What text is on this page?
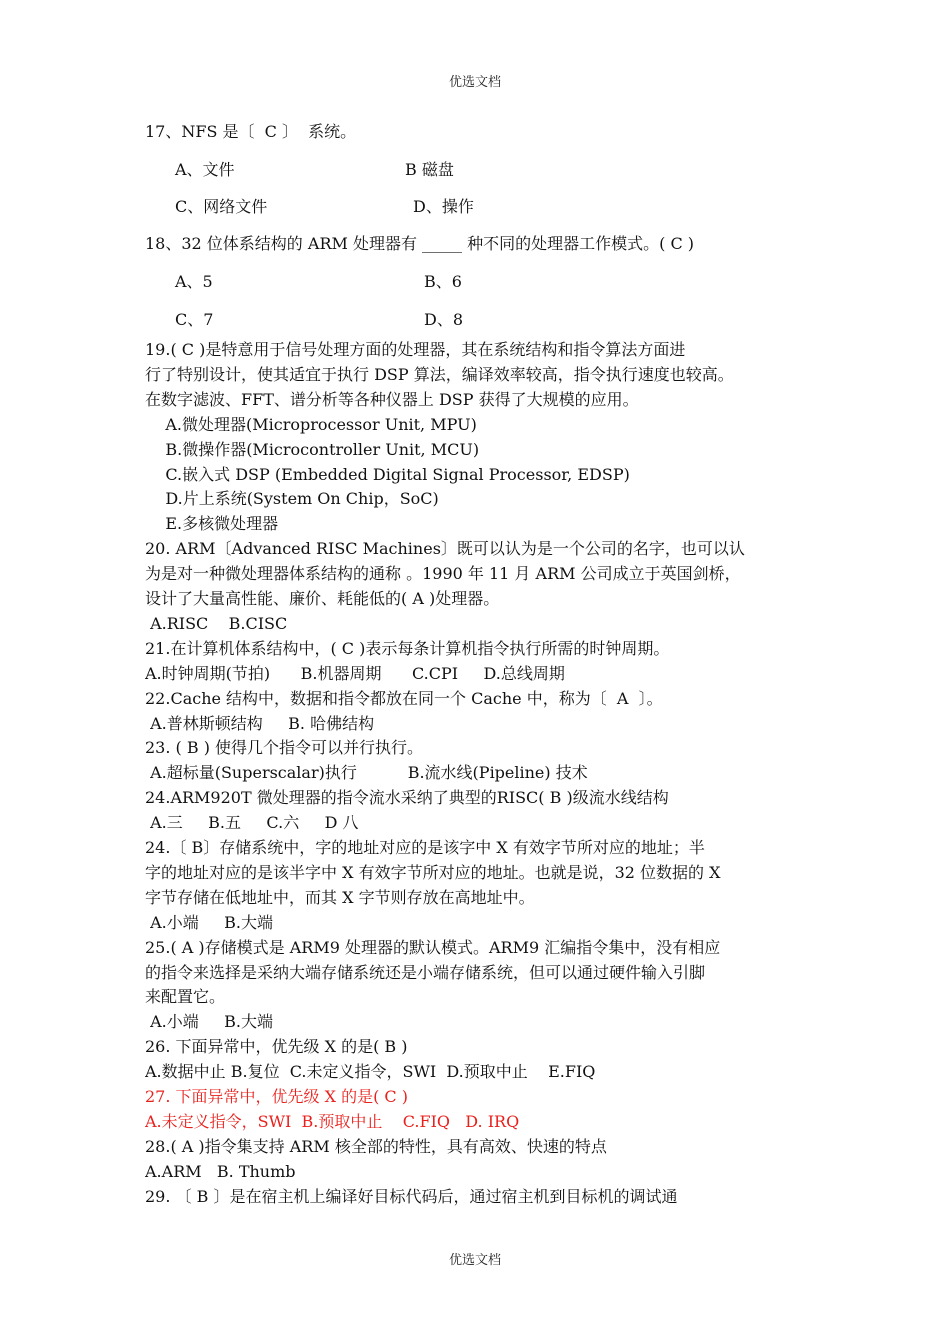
优选文档
17、NFS 是〔  C 〕  系统。
A、文件	B 磁盘
C、网络文件	D、操作
18、32 位体系结构的 ARM 处理器有 _____ 种不同的处理器工作模式。( C )
A、5	B、6
C、7	D、8
19.( C )是特意用于信号处理方面的处理器，其在系统结构和指令算法方面进
行了特别设计，使其适宜于执行 DSP 算法，编译效率较高，指令执行速度也较高。
在数字滤波、FFT、谱分析等各种仪器上 DSP 获得了大规模的应用。
A.微处理器(Microprocessor Unit, MPU)
B.微操作器(Microcontroller Unit, MCU)
C.嵌入式 DSP (Embedded Digital Signal Processor, EDSP)
D.片上系统(System On Chip，SoC)
E.多核微处理器
20. ARM〔Advanced RISC Machines〕既可以认为是一个公司的名字，也可以认
为是对一种微处理器体系结构的通称 。1990 年 11 月 ARM 公司成立于英国剑桥，
设计了大量高性能、廉价、耗能低的( A )处理器。
A.RISC    B.CISC
21.在计算机体系结构中，( C )表示每条计算机指令执行所需的时钟周期。
A.时钟周期(节拍)      B.机器周期      C.CPI     D.总线周期
22.Cache 结构中，数据和指令都放在同一个 Cache 中，称为〔  A  〕。
A.普林斯顿结构     B. 哈佛结构
23. ( B ) 使得几个指令可以并行执行。
A.超标量(Superscalar)执行          B.流水线(Pipeline) 技术
24.ARM920T 微处理器的指令流水采纳了典型的RISC( B )级流水线结构
A.三     B.五     C.六     D 八
24.〔 B〕存储系统中，字的地址对应的是该字中 X 有效字节所对应的地址；半
字的地址对应的是该半字中 X 有效字节所对应的地址。也就是说，32 位数据的 X
字节存储在低地址中，而其 X 字节则存放在高地址中。
A.小端     B.大端
25.( A )存储模式是 ARM9 处理器的默认模式。ARM9 汇编指令集中，没有相应
的指令来选择是采纳大端存储系统还是小端存储系统，但可以通过硬件输入引脚
来配置它。
A.小端     B.大端
26. 下面异常中，优先级 X 的是( B )
A.数据中止 B.复位  C.未定义指令，SWI  D.预取中止    E.FIQ
27. 下面异常中，优先级 X 的是( C )
A.未定义指令，SWI  B.预取中止    C.FIQ   D. IRQ
28.( A )指令集支持 ARM 核全部的特性，具有高效、快速的特点
A.ARM   B. Thumb
29. 〔 B 〕是在宿主机上编译好目标代码后，通过宿主机到目标机的调试通
优选文档
